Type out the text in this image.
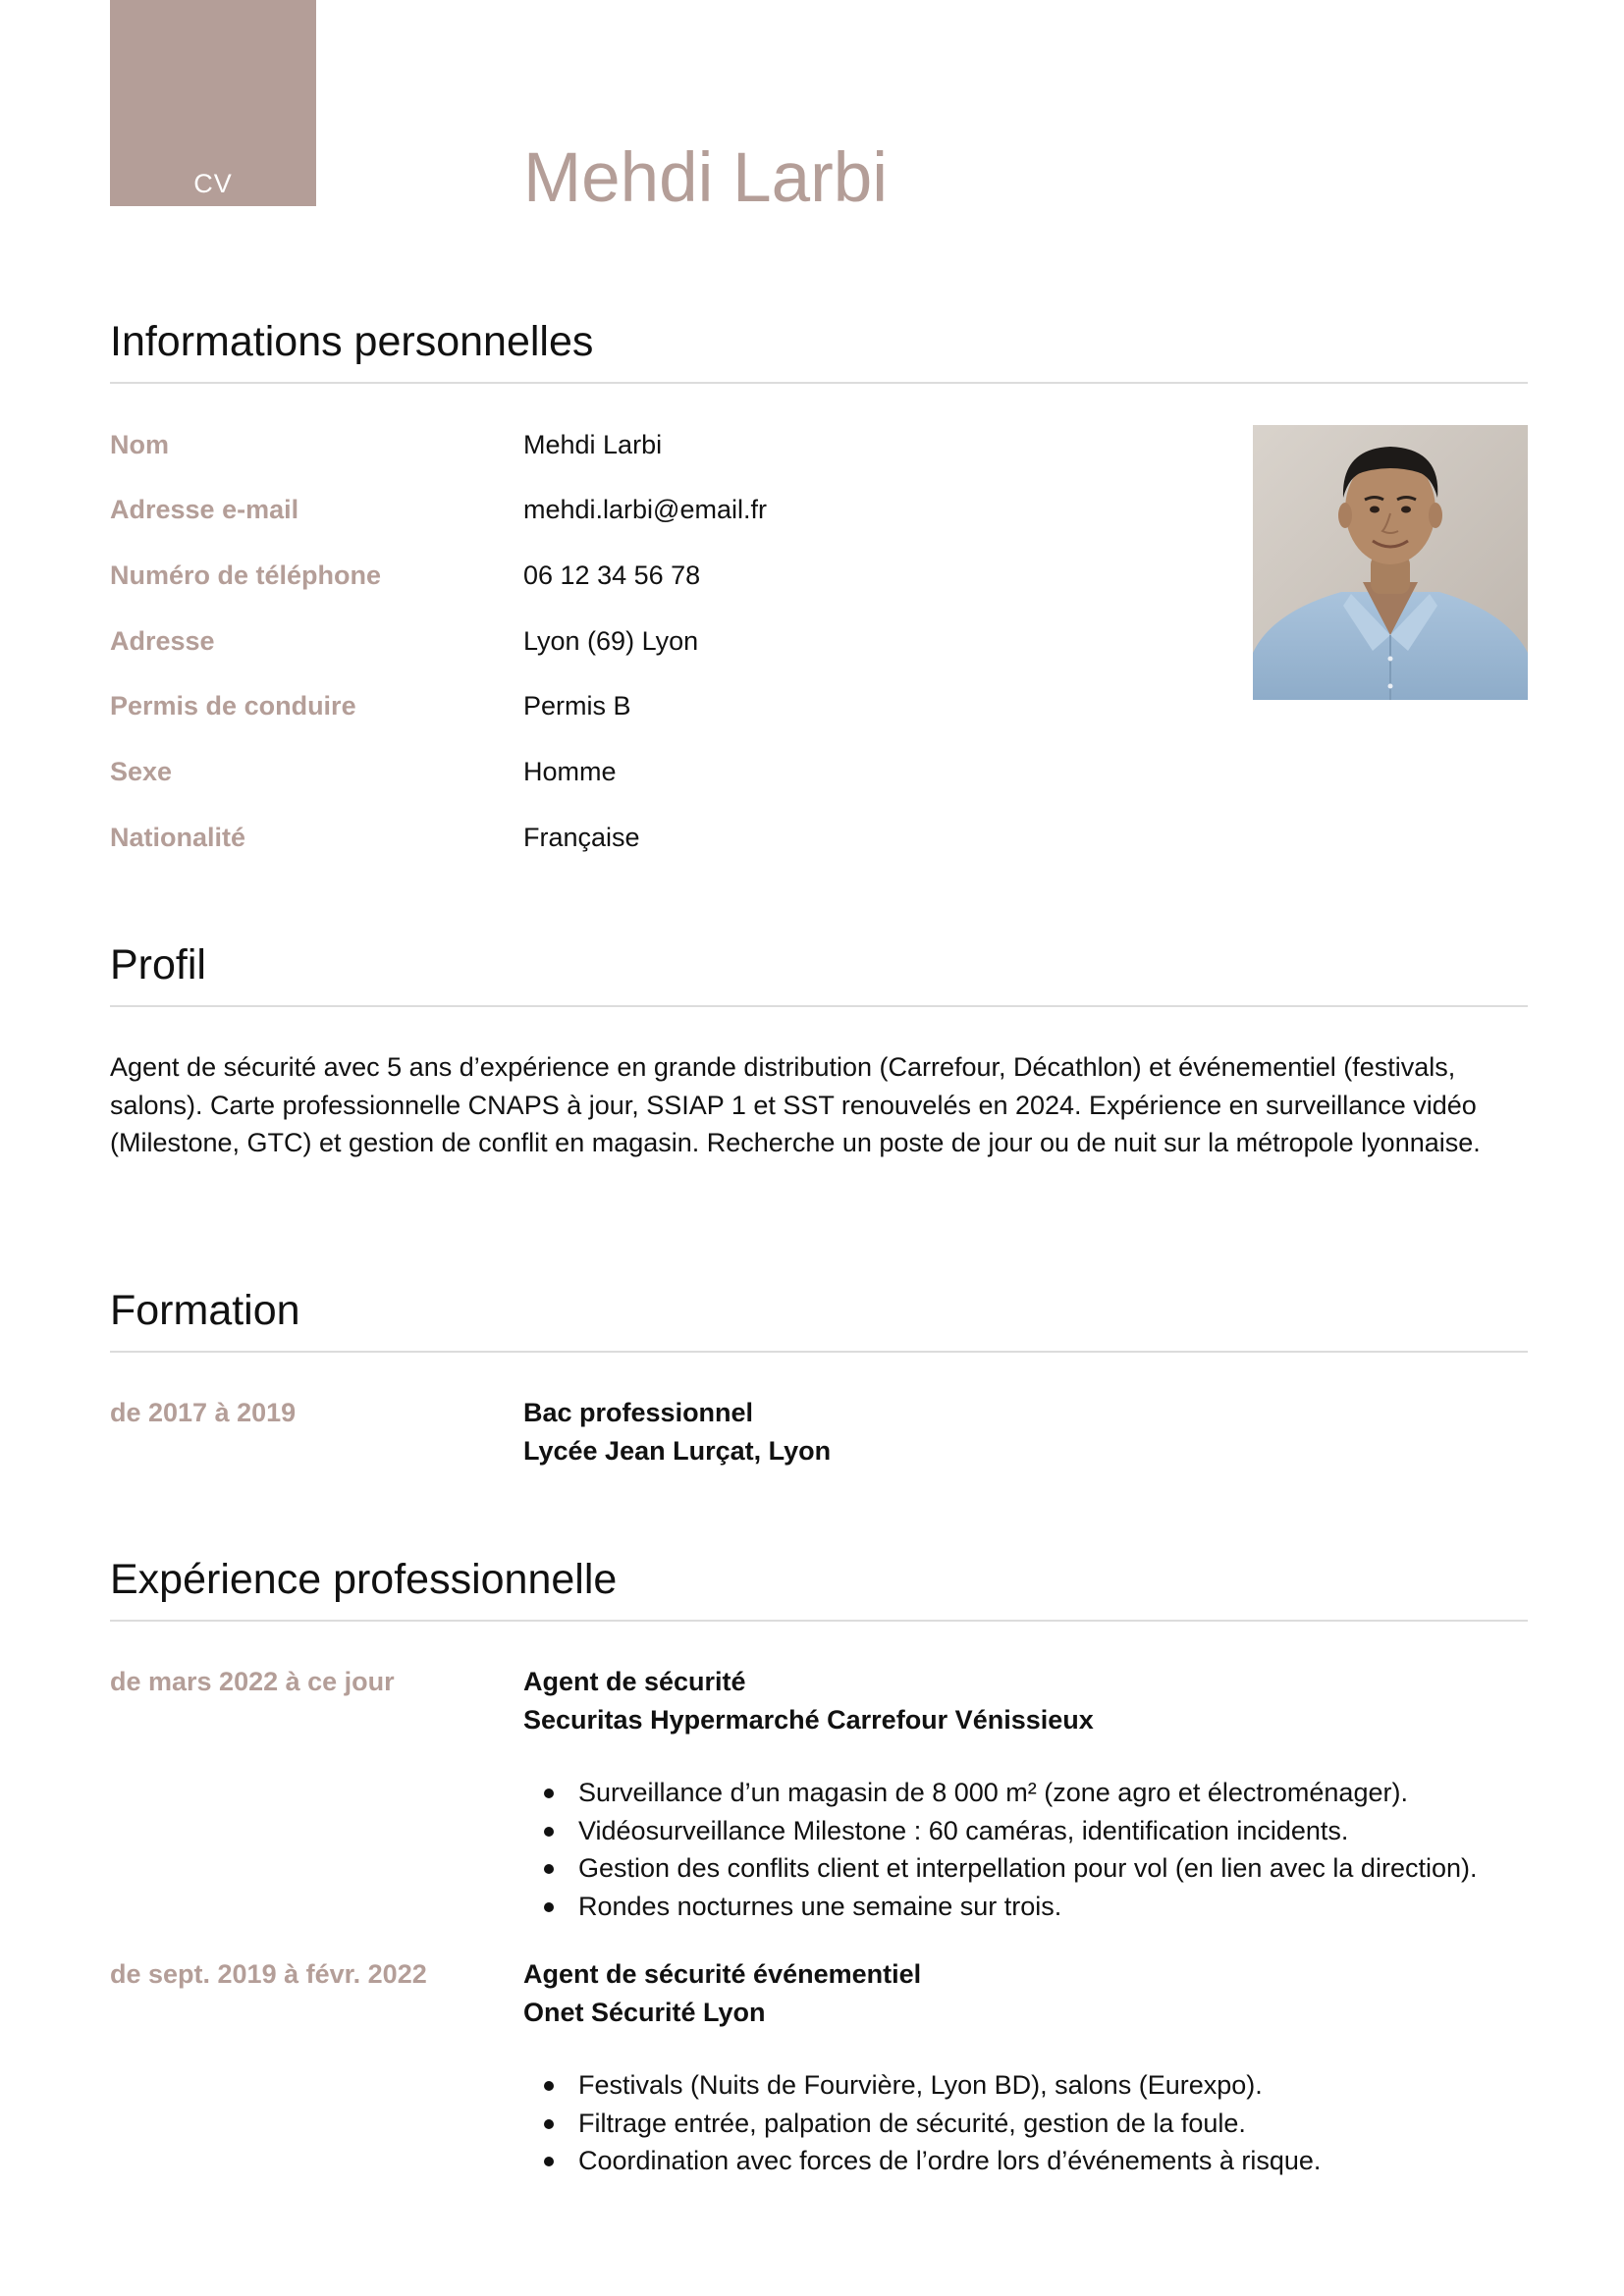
CV	Mehdi Larbi
Informations personnelles
Nom	Mehdi Larbi
Adresse e-mail	mehdi.larbi@email.fr
Numéro de téléphone	06 12 34 56 78
Adresse	Lyon (69) Lyon
Permis de conduire	Permis B
Sexe	Homme
Nationalité	Française
Profil

Agent de sécurité avec 5 ans d’expérience en grande distribution (Carrefour, Décathlon) et événementiel (festivals, salons). Carte professionnelle CNAPS à jour, SSIAP 1 et SST renouvelés en 2024. Expérience en surveillance vidéo (Milestone, GTC) et gestion de conflit en magasin. Recherche un poste de jour ou de nuit sur la métropole lyonnaise.

Formation
de 2017 à 2019	Bac professionnel
Lycée Jean Lurçat, Lyon
Expérience professionnelle
de mars 2022 à ce jour	Agent de sécurité
Securitas Hypermarché Carrefour Vénissieux
Surveillance d’un magasin de 8 000 m² (zone agro et électroménager).
Vidéosurveillance Milestone : 60 caméras, identification incidents.
Gestion des conflits client et interpellation pour vol (en lien avec la direction).
Rondes nocturnes une semaine sur trois.
de sept. 2019 à févr. 2022	Agent de sécurité événementiel
Onet Sécurité Lyon
Festivals (Nuits de Fourvière, Lyon BD), salons (Eurexpo).
Filtrage entrée, palpation de sécurité, gestion de la foule.
Coordination avec forces de l’ordre lors d’événements à risque.
